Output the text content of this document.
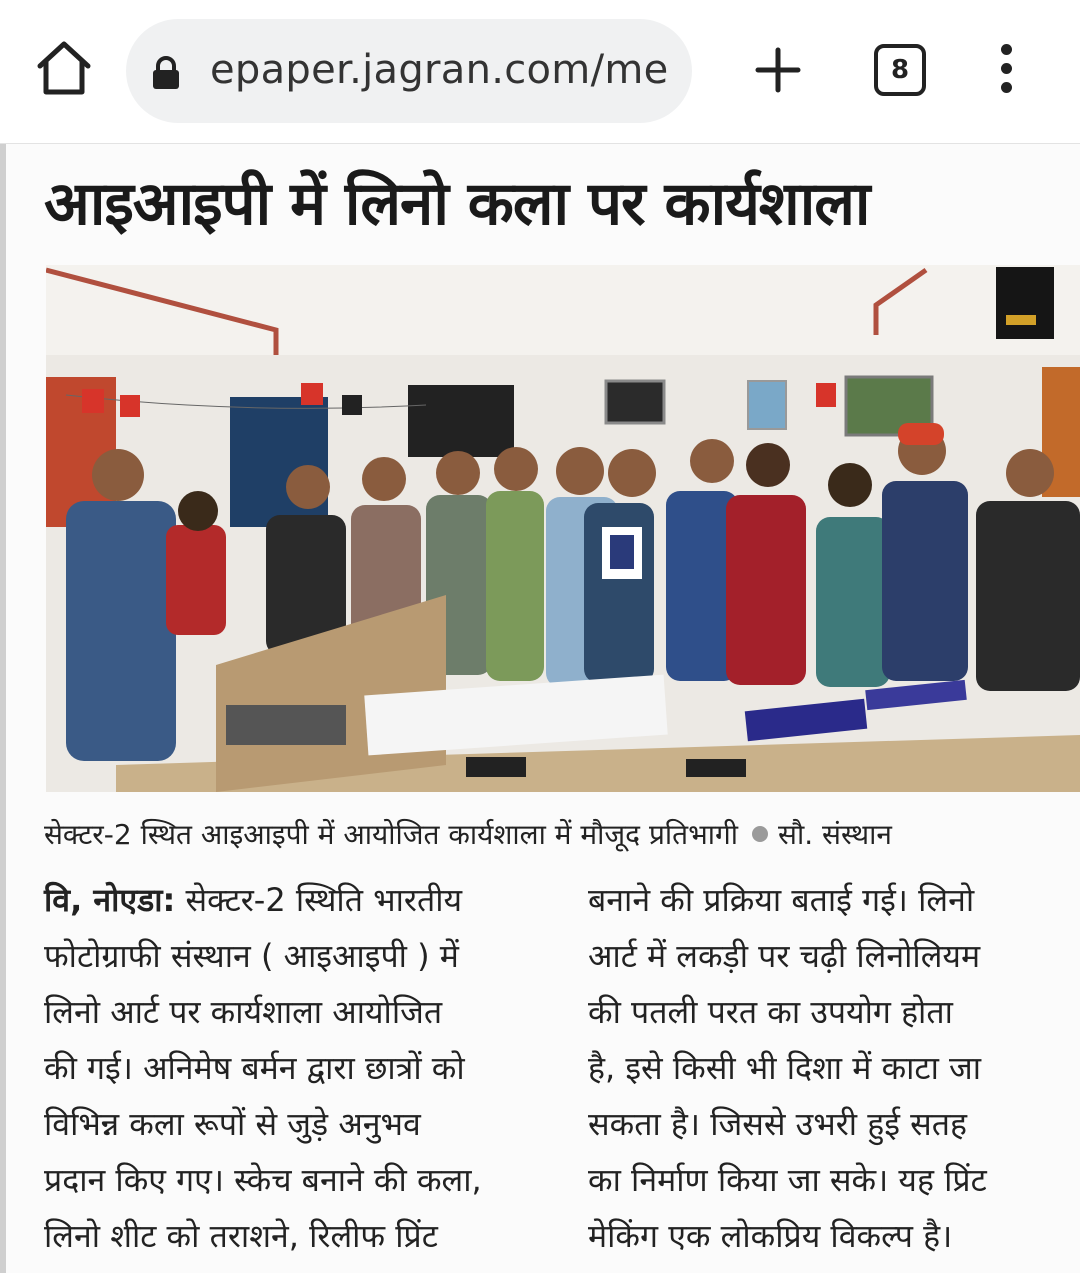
epaper.jagran.com/me	8
आइआइपी में लिनो कला पर कार्यशाला
सेक्टर-2 स्थित आइआइपी में आयोजित कार्यशाला में मौजूद प्रतिभागी सौ. संस्थान

वि, नोएडा: सेक्टर-2 स्थिति भारतीय

फोटोग्राफी संस्थान ( आइआइपी ) में

लिनो आर्ट पर कार्यशाला आयोजित

की गई। अनिमेष बर्मन द्वारा छात्रों को

विभिन्न कला रूपों से जुड़े अनुभव

प्रदान किए गए। स्केच बनाने की कला,

लिनो शीट को तराशने, रिलीफ प्रिंट

बनाने की प्रक्रिया बताई गई। लिनो

आर्ट में लकड़ी पर चढ़ी लिनोलियम

की पतली परत का उपयोग होता

है, इसे किसी भी दिशा में काटा जा

सकता है। जिससे उभरी हुई सतह

का निर्माण किया जा सके। यह प्रिंट

मेकिंग एक लोकप्रिय विकल्प है।
